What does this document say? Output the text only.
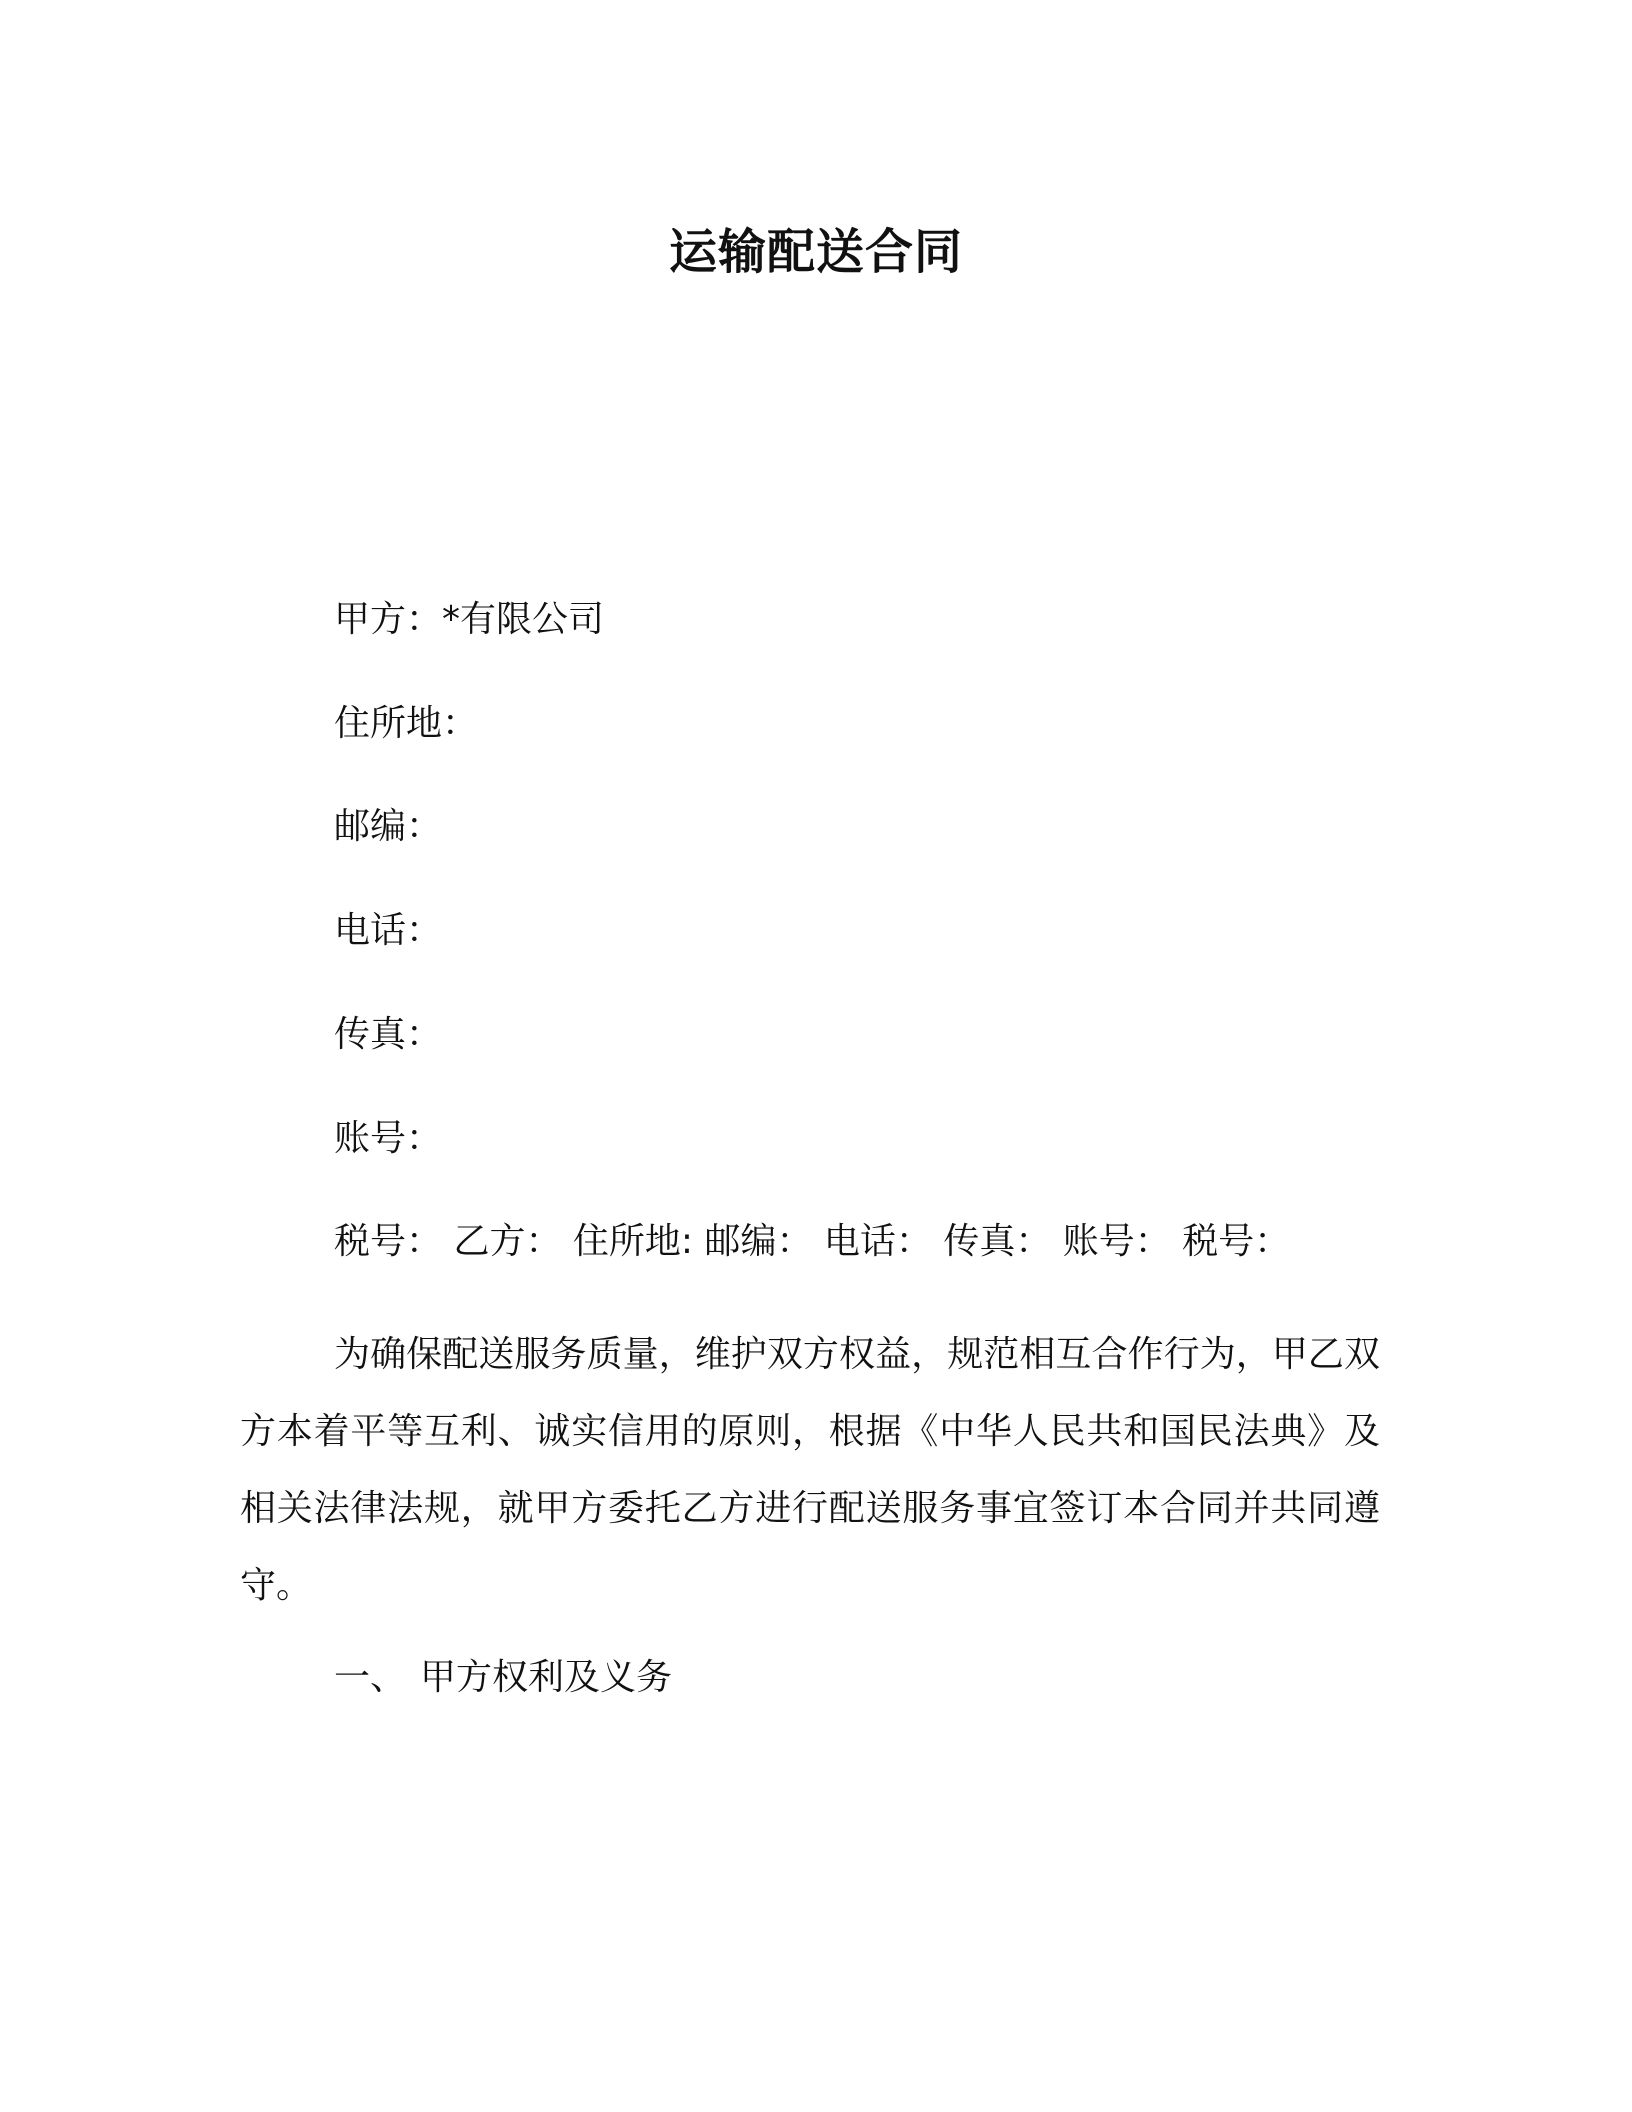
运输配送合同
甲方：*有限公司
住所地：
邮编：
电话：
传真：
账号：
税号： 乙方： 住所地: 邮编： 电话： 传真： 账号： 税号：

为确保配送服务质量，维护双方权益，规范相互合作行为，甲乙双方本着平等互利、诚实信用的原则，根据《中华人民共和国民法典》及相关法律法规，就甲方委托乙方进行配送服务事宜签订本合同并共同遵守。

一、 甲方权利及义务
